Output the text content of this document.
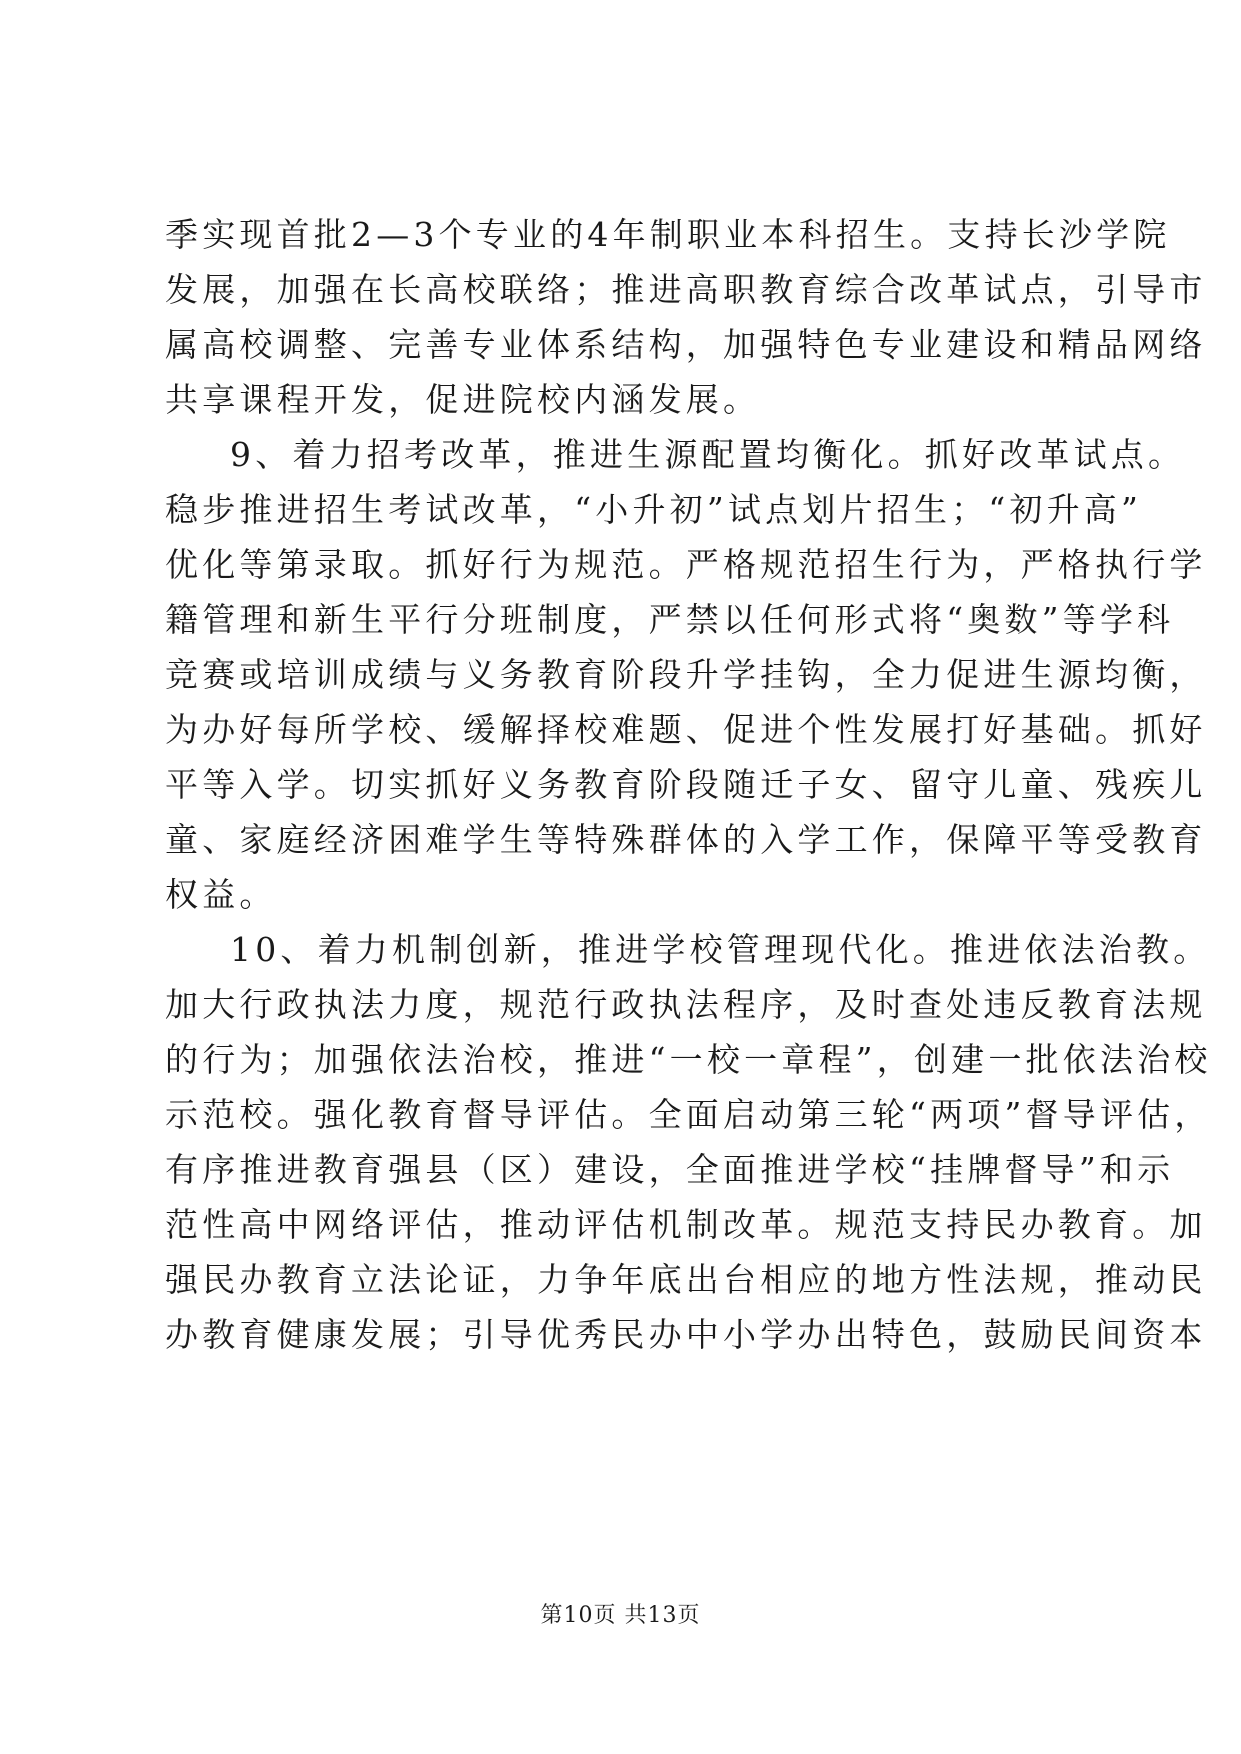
季实现首批2—3个专业的4年制职业本科招生。支持长沙学院
发展，加强在长高校联络；推进高职教育综合改革试点，引导市
属高校调整、完善专业体系结构，加强特色专业建设和精品网络
共享课程开发，促进院校内涵发展。
9、着力招考改革，推进生源配置均衡化。抓好改革试点。
稳步推进招生考试改革，“小升初”试点划片招生；“初升高”
优化等第录取。抓好行为规范。严格规范招生行为，严格执行学
籍管理和新生平行分班制度，严禁以任何形式将“奥数”等学科
竞赛或培训成绩与义务教育阶段升学挂钩，全力促进生源均衡，
为办好每所学校、缓解择校难题、促进个性发展打好基础。抓好
平等入学。切实抓好义务教育阶段随迁子女、留守儿童、残疾儿
童、家庭经济困难学生等特殊群体的入学工作，保障平等受教育
权益。
10、着力机制创新，推进学校管理现代化。推进依法治教。
加大行政执法力度，规范行政执法程序，及时查处违反教育法规
的行为；加强依法治校，推进“一校一章程”，创建一批依法治校
示范校。强化教育督导评估。全面启动第三轮“两项”督导评估，
有序推进教育强县（区）建设，全面推进学校“挂牌督导”和示
范性高中网络评估，推动评估机制改革。规范支持民办教育。加
强民办教育立法论证，力争年底出台相应的地方性法规，推动民
办教育健康发展；引导优秀民办中小学办出特色，鼓励民间资本
第10页 共13页
